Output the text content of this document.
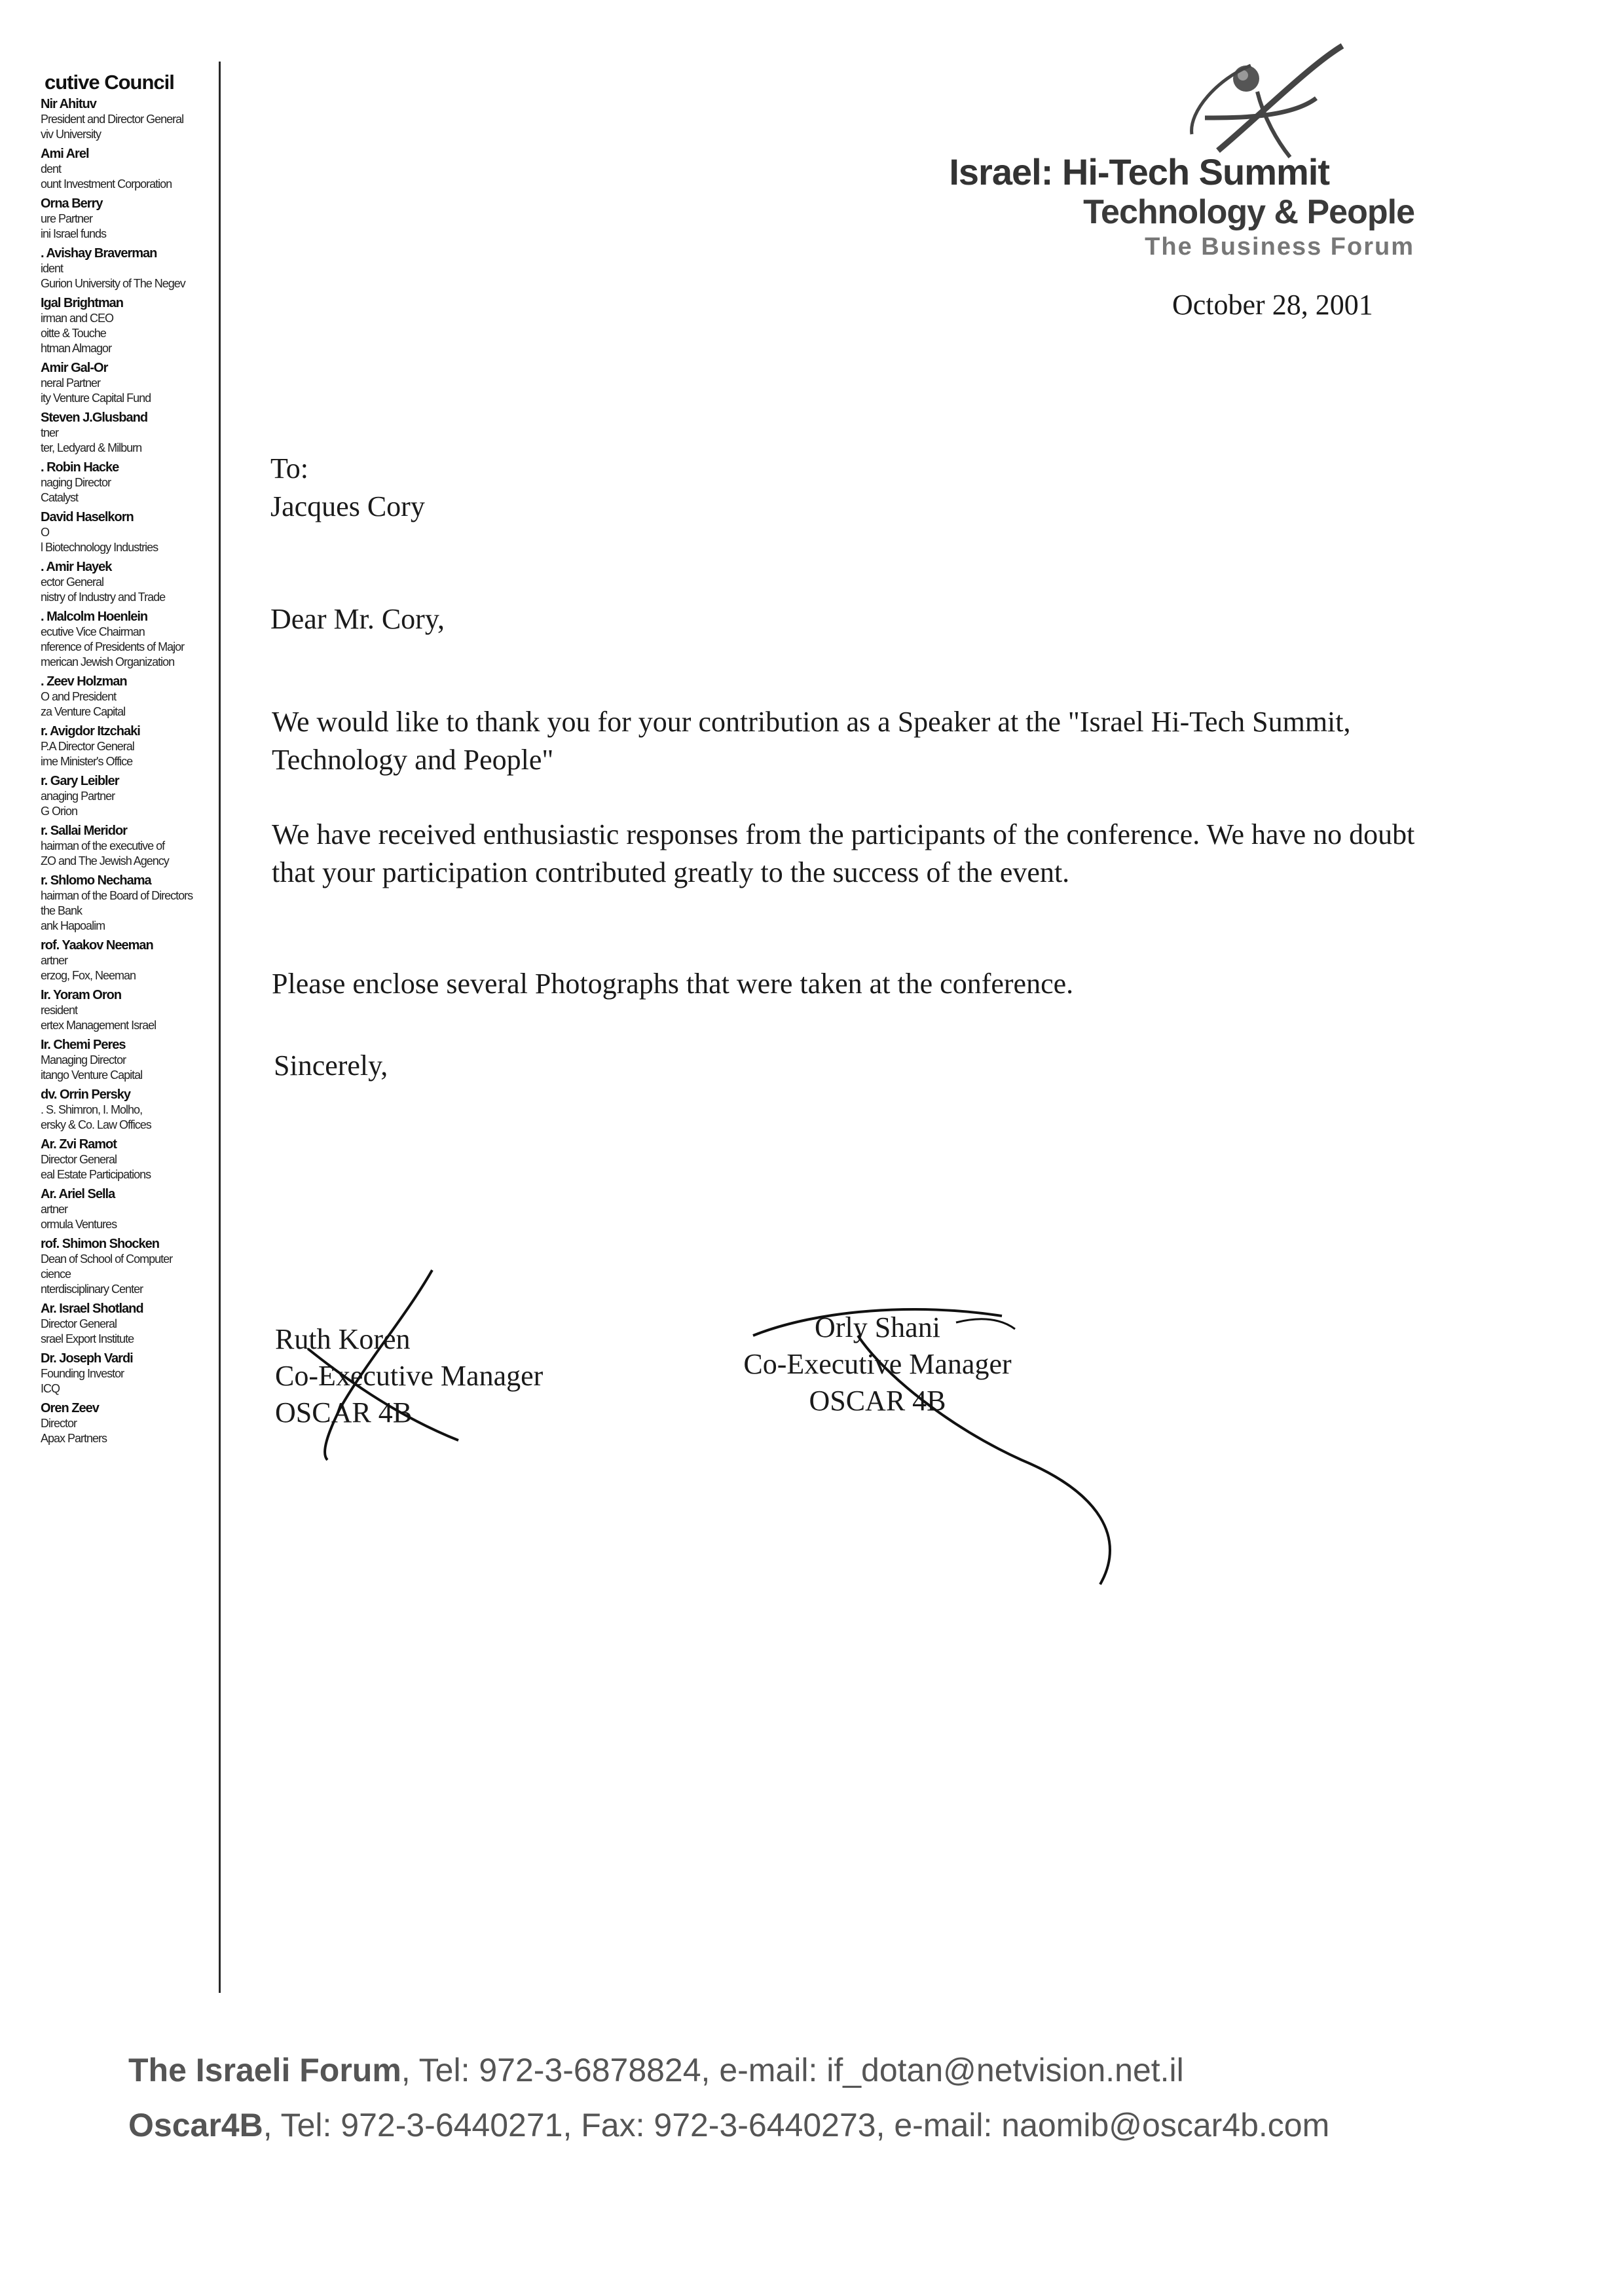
cutive Council
Nir Ahituv
President and Director General
viv University
Ami Arel
dent
ount Investment Corporation
Orna Berry
ure Partner
ini Israel funds
. Avishay Braverman
ident
Gurion University of The Negev
Igal Brightman
irman and CEO
oitte & Touche
htman Almagor
Amir Gal-Or
neral Partner
ity Venture Capital Fund
Steven J.Glusband
tner
ter, Ledyard & Milburn
. Robin Hacke
naging Director
Catalyst
David Haselkorn
O
l Biotechnology Industries
. Amir Hayek
ector General
nistry of Industry and Trade
. Malcolm Hoenlein
ecutive Vice Chairman
nference of Presidents of Major
merican Jewish Organization
. Zeev Holzman
O and President
za Venture Capital
r. Avigdor Itzchaki
P.A Director General
ime Minister's Office
r. Gary Leibler
anaging Partner
G Orion
r. Sallai Meridor
hairman of the executive of
ZO and The Jewish Agency
r. Shlomo Nechama
hairman of the Board of Directors
the Bank
ank Hapoalim
rof. Yaakov Neeman
artner
erzog, Fox, Neeman
Ir. Yoram Oron
resident
ertex Management Israel
Ir. Chemi Peres
Managing Director
itango Venture Capital
dv. Orrin Persky
. S. Shimron, I. Molho,
ersky & Co. Law Offices
Ar. Zvi Ramot
Director General
eal Estate Participations
Ar. Ariel Sella
artner
ormula Ventures
rof. Shimon Shocken
Dean of School of Computer
cience
nterdisciplinary Center
Ar. Israel Shotland
Director General
srael Export Institute
Dr. Joseph Vardi
Founding Investor
ICQ
Oren Zeev
Director
Apax Partners
Israel: Hi-Tech Summit
Technology & People
The Business Forum
October 28, 2001
To:
Jacques Cory
Dear Mr. Cory,

We would like to thank you for your contribution as a Speaker at the "Israel Hi-Tech Summit, Technology and People"

We have received enthusiastic responses from the participants of the conference. We have no doubt that your participation contributed greatly to the success of the event.

Please enclose several Photographs that were taken at the conference.

Sincerely,
Ruth Koren
Co-Executive Manager
OSCAR 4B
Orly Shani
Co-Executive Manager
OSCAR 4B
The Israeli Forum, Tel: 972-3-6878824, e-mail: if_dotan@netvision.net.il
Oscar4B, Tel: 972-3-6440271, Fax: 972-3-6440273, e-mail: naomib@oscar4b.com
